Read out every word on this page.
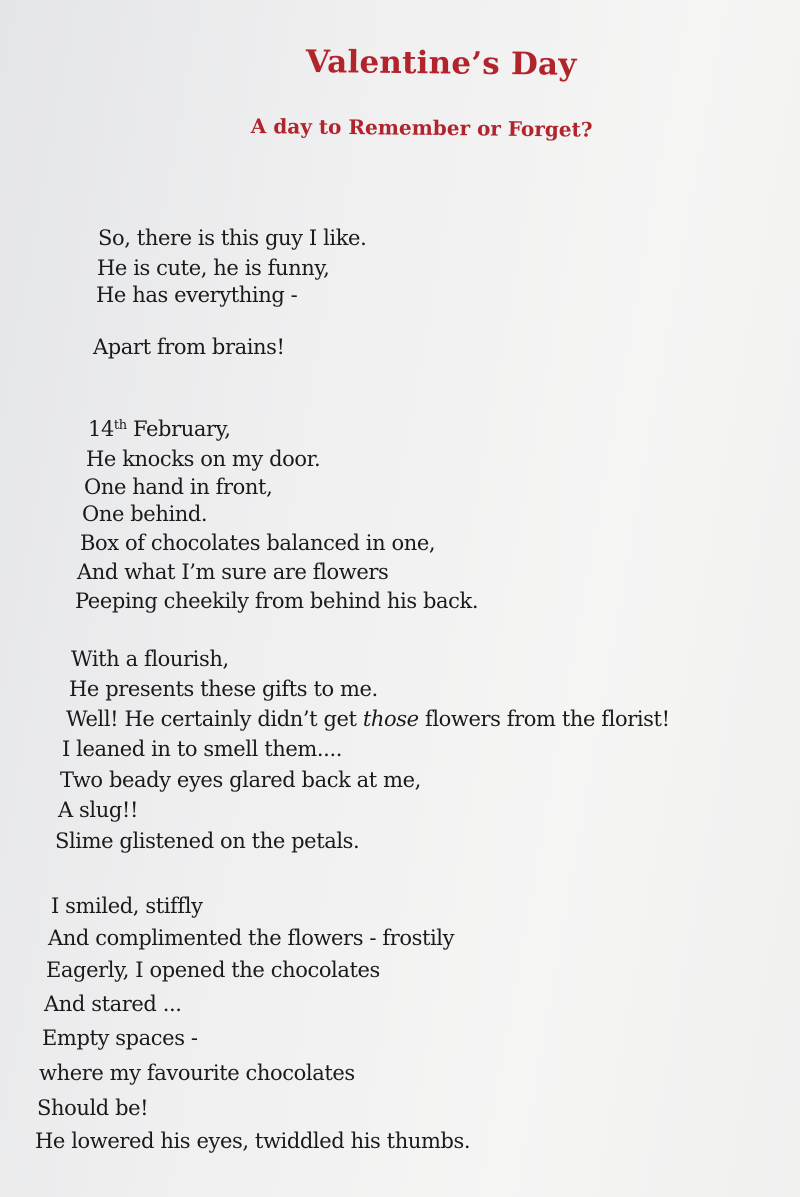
Valentine’s Day
A day to Remember or Forget?

So, there is this guy I like.

He is cute, he is funny,

He has everything -

Apart from brains!

14th February,

He knocks on my door.

One hand in front,

One behind.

Box of chocolates balanced in one,

And what I’m sure are flowers

Peeping cheekily from behind his back.

With a flourish,

He presents these gifts to me.

Well! He certainly didn’t get those flowers from the florist!

I leaned in to smell them....

Two beady eyes glared back at me,

A slug!!

Slime glistened on the petals.

I smiled, stiffly

And complimented the flowers - frostily

Eagerly, I opened the chocolates

And stared ...

Empty spaces -

where my favourite chocolates

Should be!

He lowered his eyes, twiddled his thumbs.
